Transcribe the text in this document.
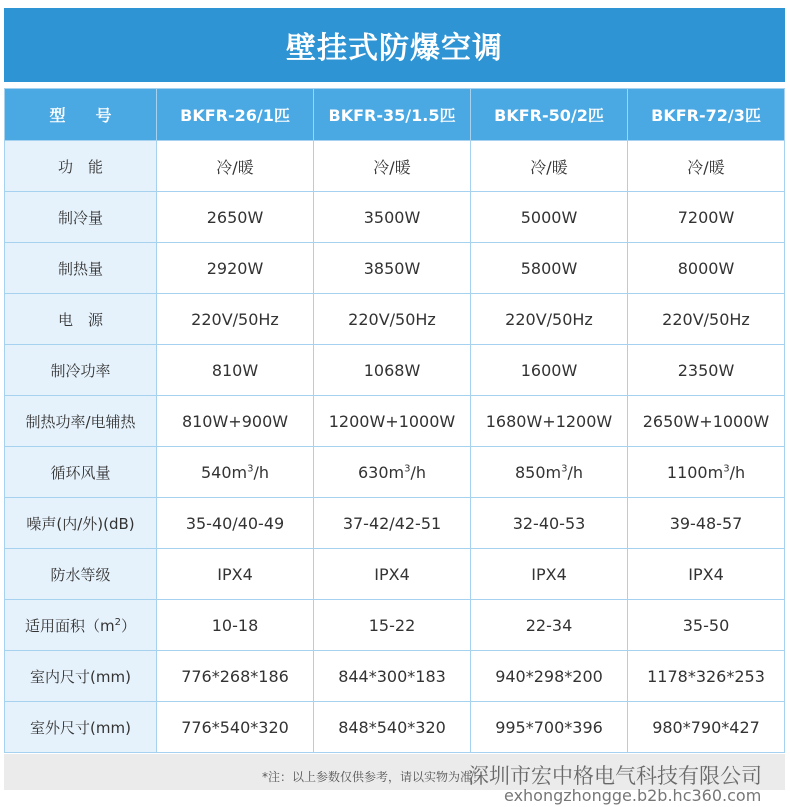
壁挂式防爆空调
型号	BKFR-26/1匹	BKFR-35/1.5匹	BKFR-50/2匹	BKFR-72/3匹
功　能	冷/暖	冷/暖	冷/暖	冷/暖
制冷量	2650W	3500W	5000W	7200W
制热量	2920W	3850W	5800W	8000W
电　源	220V/50Hz	220V/50Hz	220V/50Hz	220V/50Hz
制冷功率	810W	1068W	1600W	2350W
制热功率/电辅热	810W+900W	1200W+1000W	1680W+1200W	2650W+1000W
循环风量	$540m^3/h$	$630m^3/h$	$850m^3/h$	$1100m^3/h$
噪声(内/外)(dB)	35-40/40-49	37-42/42-51	32-40-53	39-48-57
防水等级	IPX4	IPX4	IPX4	IPX4
适用面积$(m^2)$	10-18	15-22	22-34	35-50
室内尺寸(mm)	776*268*186	844*300*183	940*298*200	1178*326*253
室外尺寸(mm)	776*540*320	848*540*320	995*700*396	980*790*427
*注：以上参数仅供参考，请以实物为准！
深圳市宏中格电气科技有限公司
exhongzhongge.b2b.hc360.com
